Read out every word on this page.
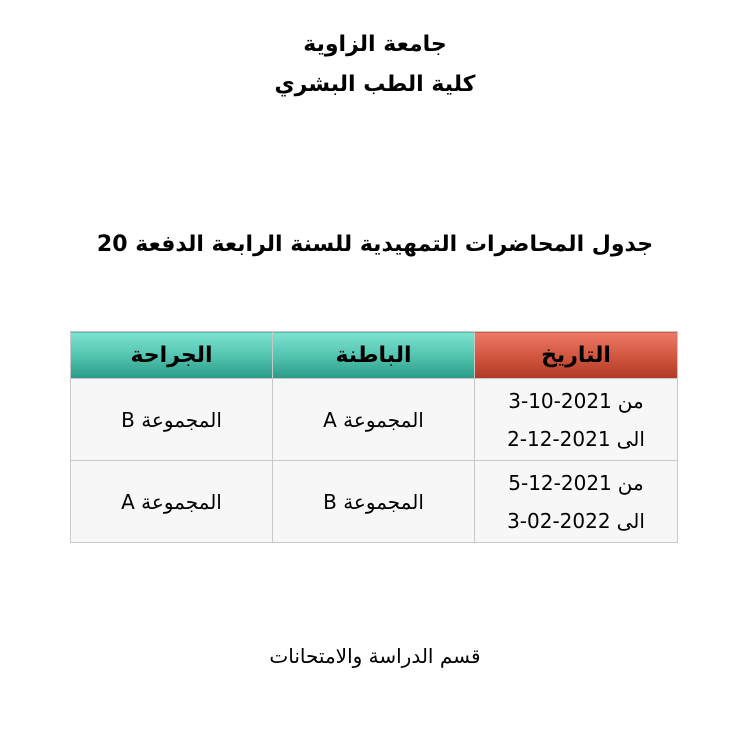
جامعة الزاوية
كلية الطب البشري
جدول المحاضرات التمهيدية للسنة الرابعة الدفعة 20
التاريخ	الباطنة	الجراحة

من3-10-2021
الى2-12-2021	المجموعة A	المجموعة B

من5-12-2021
الى3-02-2022	المجموعة B	المجموعة A
قسم الدراسة والامتحانات
